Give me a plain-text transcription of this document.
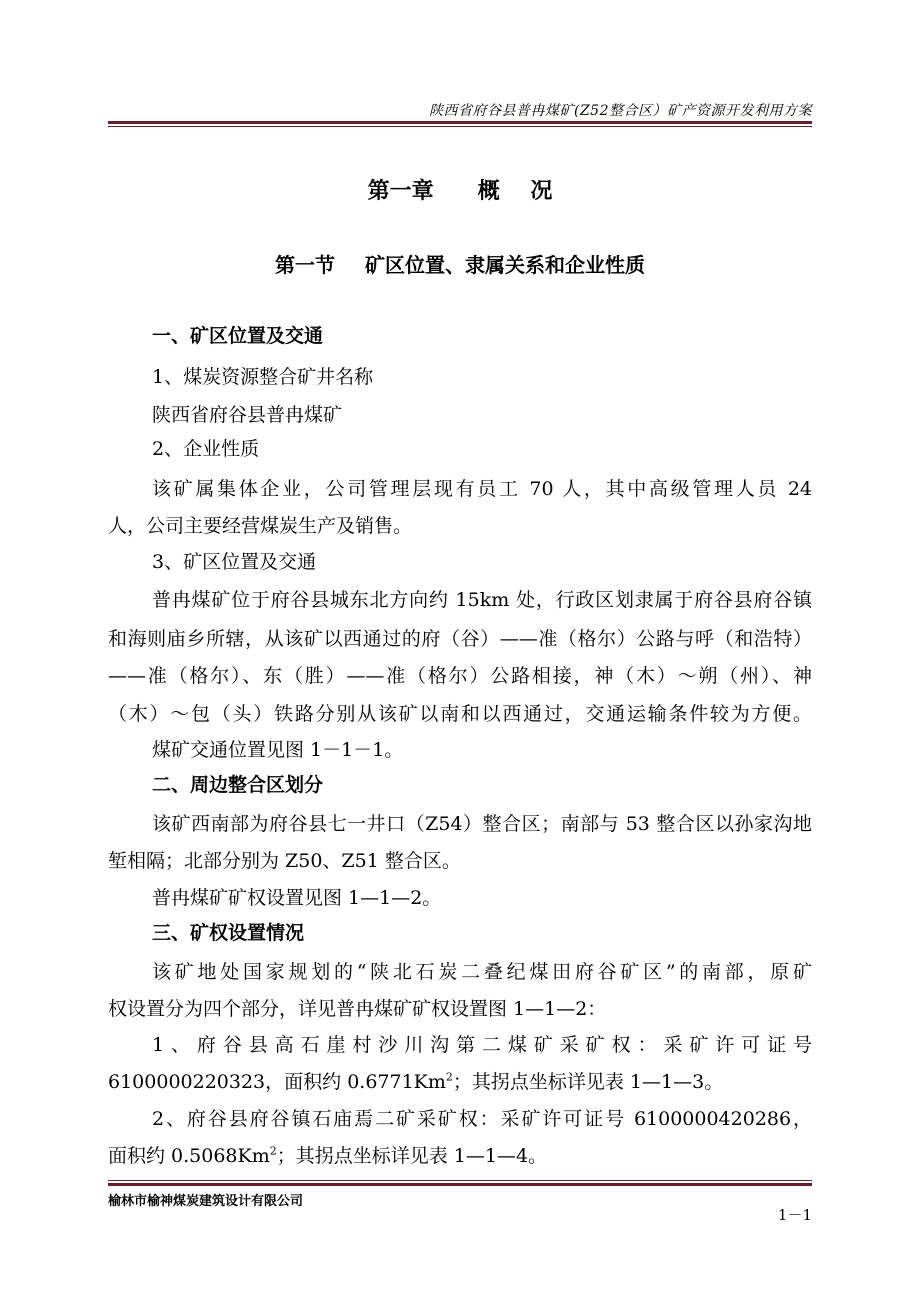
陕西省府谷县普冉煤矿(Z52整合区）矿产资源开发利用方案
第一章 概    况
第一节 矿区位置、隶属关系和企业性质
一、矿区位置及交通
1、煤炭资源整合矿井名称
陕西省府谷县普冉煤矿
2、企业性质
该矿属集体企业，公司管理层现有员工 70 人，其中高级管理人员 24
人，公司主要经营煤炭生产及销售。
3、矿区位置及交通
普冉煤矿位于府谷县城东北方向约 15km 处，行政区划隶属于府谷县府谷镇
和海则庙乡所辖，从该矿以西通过的府（谷）——准（格尔）公路与呼（和浩特）
——准（格尔）、东（胜）——准（格尔）公路相接，神（木）～朔（州）、神
（木）～包（头）铁路分别从该矿以南和以西通过，交通运输条件较为方便。
煤矿交通位置见图 1－1－1。
二、周边整合区划分
该矿西南部为府谷县七一井口（Z54）整合区；南部与 53 整合区以孙家沟地
堑相隔；北部分别为 Z50、Z51 整合区。
普冉煤矿矿权设置见图 1—1—2。
三、矿权设置情况
该矿地处国家规划的“陕北石炭二叠纪煤田府谷矿区”的南部，原矿
权设置分为四个部分，详见普冉煤矿矿权设置图 1—1—2：
1、府谷县高石崖村沙川沟第二煤矿采矿权：采矿许可证号
6100000220323，面积约 0.6771Km$^2$；其拐点坐标详见表 1—1—3。
2、府谷县府谷镇石庙焉二矿采矿权：采矿许可证号 6100000420286，
面积约 0.5068Km$^2$；其拐点坐标详见表 1—1—4。
榆林市榆神煤炭建筑设计有限公司
1－1
